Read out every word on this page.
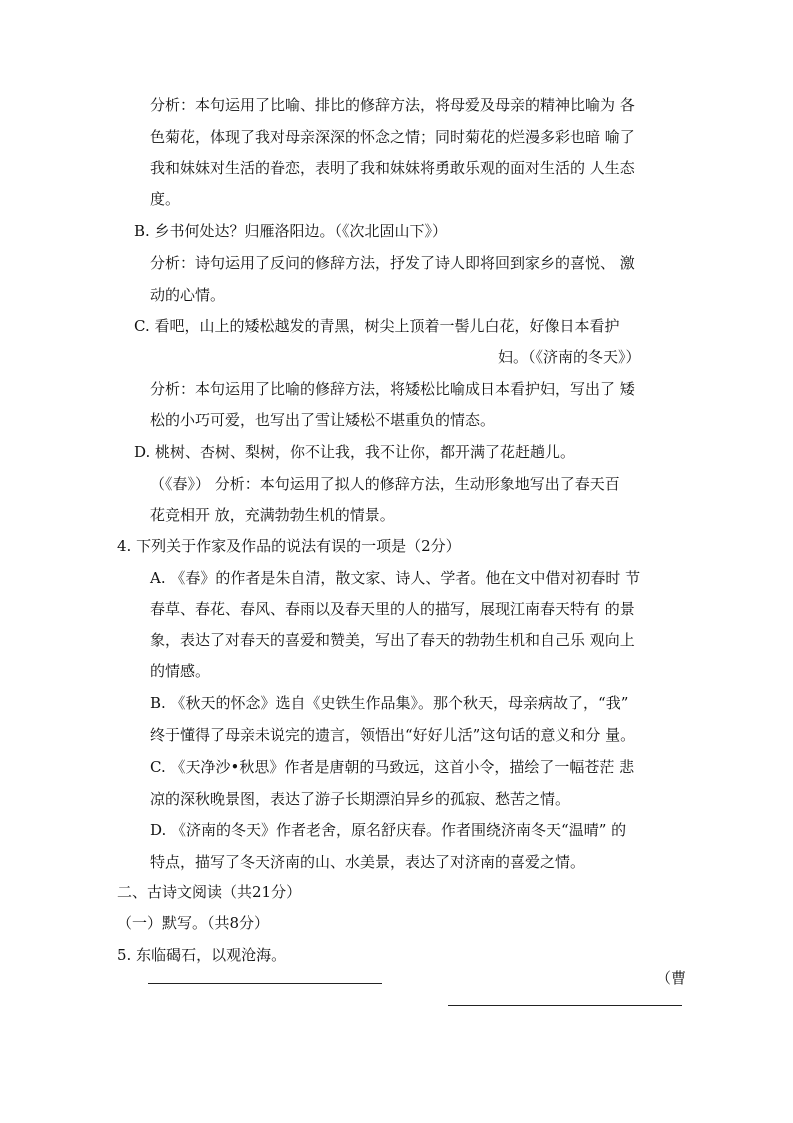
分析：本句运用了比喻、排比的修辞方法，将母爱及母亲的精神比喻为 各
色菊花，体现了我对母亲深深的怀念之情；同时菊花的烂漫多彩也暗 喻了
我和妹妹对生活的眷恋，表明了我和妹妹将勇敢乐观的面对生活的 人生态
度。
B. 乡书何处达？归雁洛阳边。（《次北固山下》）
分析：诗句运用了反问的修辞方法，抒发了诗人即将回到家乡的喜悦、 激
动的心情。
C. 看吧，山上的矮松越发的青黑，树尖上顶着一髻儿白花，好像日本看护
妇。（《济南的冬天》）
分析：本句运用了比喻的修辞方法，将矮松比喻成日本看护妇，写出了 矮
松的小巧可爱，也写出了雪让矮松不堪重负的情态。
D. 桃树、杏树、梨树，你不让我，我不让你，都开满了花赶趟儿。
（《春》） 分析：本句运用了拟人的修辞方法，生动形象地写出了春天百
花竞相开 放，充满勃勃生机的情景。
4. 下列关于作家及作品的说法有误的一项是（2分）
A. 《春》的作者是朱自清，散文家、诗人、学者。他在文中借对初春时 节
春草、春花、春风、春雨以及春天里的人的描写，展现江南春天特有 的景
象，表达了对春天的喜爱和赞美，写出了春天的勃勃生机和自己乐 观向上
的情感。
B. 《秋天的怀念》选自《史铁生作品集》。那个秋天，母亲病故了，“我”
终于懂得了母亲未说完的遗言，领悟出“好好儿活”这句话的意义和分 量。
C. 《天净沙•秋思》作者是唐朝的马致远，这首小令，描绘了一幅苍茫 悲
凉的深秋晚景图，表达了游子长期漂泊异乡的孤寂、愁苦之情。
D. 《济南的冬天》作者老舍，原名舒庆春。作者围绕济南冬天“温晴” 的
特点，描写了冬天济南的山、水美景，表达了对济南的喜爱之情。
二、古诗文阅读（共21分）
（一）默写。（共8分）
5. 东临碣石，以观沧海。
（曹
